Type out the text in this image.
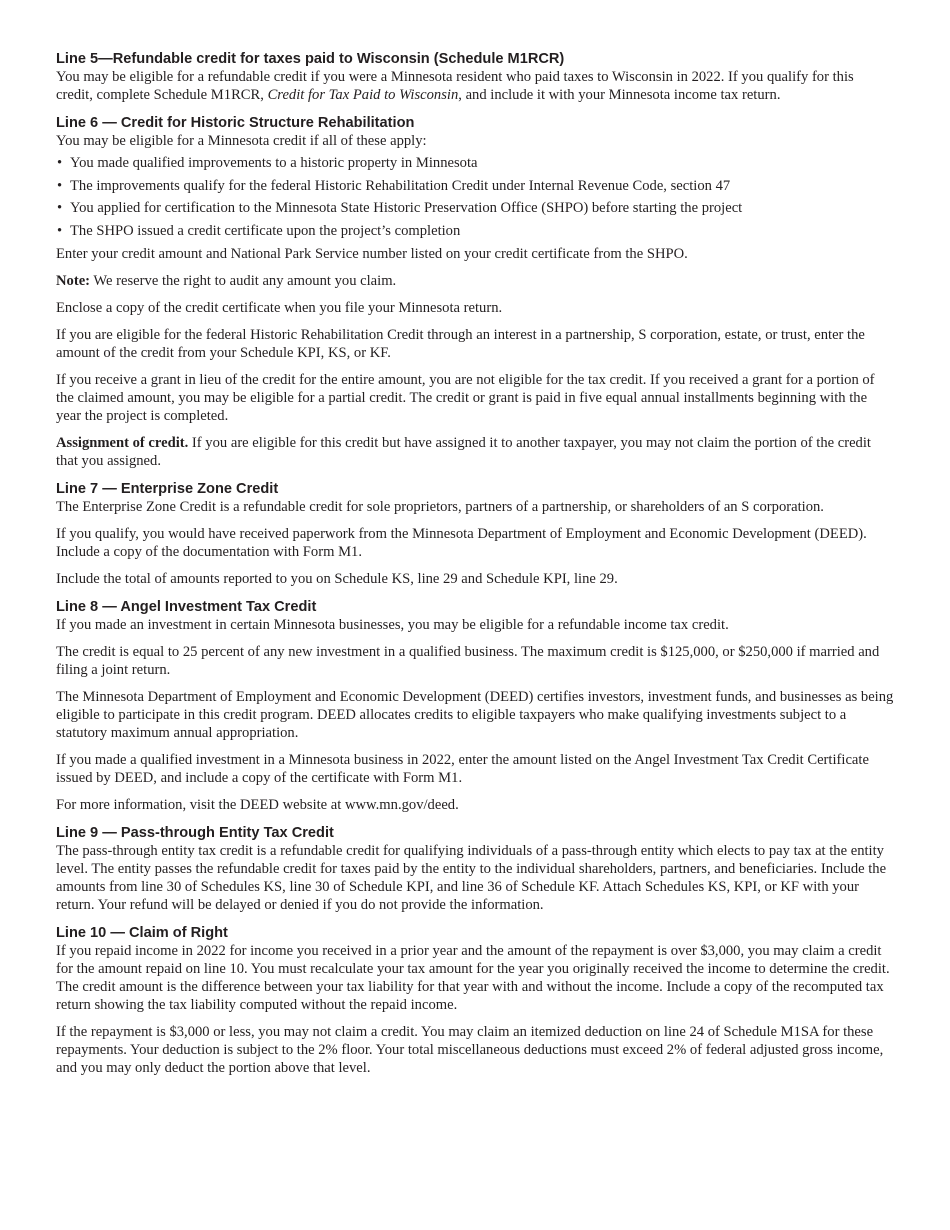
Line 5—Refundable credit for taxes paid to Wisconsin (Schedule M1RCR)

You may be eligible for a refundable credit if you were a Minnesota resident who paid taxes to Wisconsin in 2022. If you qualify for this credit, complete Schedule M1RCR, Credit for Tax Paid to Wisconsin, and include it with your Minnesota income tax return.

Line 6 — Credit for Historic Structure Rehabilitation

You may be eligible for a Minnesota credit if all of these apply:

• You made qualified improvements to a historic property in Minnesota
• The improvements qualify for the federal Historic Rehabilitation Credit under Internal Revenue Code, section 47
• You applied for certification to the Minnesota State Historic Preservation Office (SHPO) before starting the project
• The SHPO issued a credit certificate upon the project’s completion

Enter your credit amount and National Park Service number listed on your credit certificate from the SHPO.

Note: We reserve the right to audit any amount you claim.

Enclose a copy of the credit certificate when you file your Minnesota return.

If you are eligible for the federal Historic Rehabilitation Credit through an interest in a partnership, S corporation, estate, or trust, enter the amount of the credit from your Schedule KPI, KS, or KF.

If you receive a grant in lieu of the credit for the entire amount, you are not eligible for the tax credit. If you received a grant for a portion of the claimed amount, you may be eligible for a partial credit. The credit or grant is paid in five equal annual installments beginning with the year the project is completed.

Assignment of credit. If you are eligible for this credit but have assigned it to another taxpayer, you may not claim the portion of the credit that you assigned.

Line 7 — Enterprise Zone Credit

The Enterprise Zone Credit is a refundable credit for sole proprietors, partners of a partnership, or shareholders of an S corporation.

If you qualify, you would have received paperwork from the Minnesota Department of Employment and Economic Development (DEED). Include a copy of the documentation with Form M1.

Include the total of amounts reported to you on Schedule KS, line 29 and Schedule KPI, line 29.

Line 8 — Angel Investment Tax Credit

If you made an investment in certain Minnesota businesses, you may be eligible for a refundable income tax credit.

The credit is equal to 25 percent of any new investment in a qualified business. The maximum credit is $125,000, or $250,000 if married and filing a joint return.

The Minnesota Department of Employment and Economic Development (DEED) certifies investors, investment funds, and businesses as being eligible to participate in this credit program. DEED allocates credits to eligible taxpayers who make qualifying investments subject to a statutory maximum annual appropriation.

If you made a qualified investment in a Minnesota business in 2022, enter the amount listed on the Angel Investment Tax Credit Certificate issued by DEED, and include a copy of the certificate with Form M1.

For more information, visit the DEED website at www.mn.gov/deed.

Line 9 — Pass-through Entity Tax Credit

The pass-through entity tax credit is a refundable credit for qualifying individuals of a pass-through entity which elects to pay tax at the entity level. The entity passes the refundable credit for taxes paid by the entity to the individual shareholders, partners, and beneficiaries. Include the amounts from line 30 of Schedules KS, line 30 of Schedule KPI, and line 36 of Schedule KF. Attach Schedules KS, KPI, or KF with your return. Your refund will be delayed or denied if you do not provide the information.

Line 10 — Claim of Right

If you repaid income in 2022 for income you received in a prior year and the amount of the repayment is over $3,000, you may claim a credit for the amount repaid on line 10. You must recalculate your tax amount for the year you originally received the income to determine the credit. The credit amount is the difference between your tax liability for that year with and without the income. Include a copy of the recomputed tax return showing the tax liability computed without the repaid income.

If the repayment is $3,000 or less, you may not claim a credit. You may claim an itemized deduction on line 24 of Schedule M1SA for these repayments. Your deduction is subject to the 2% floor. Your total miscellaneous deductions must exceed 2% of federal adjusted gross income, and you may only deduct the portion above that level.
